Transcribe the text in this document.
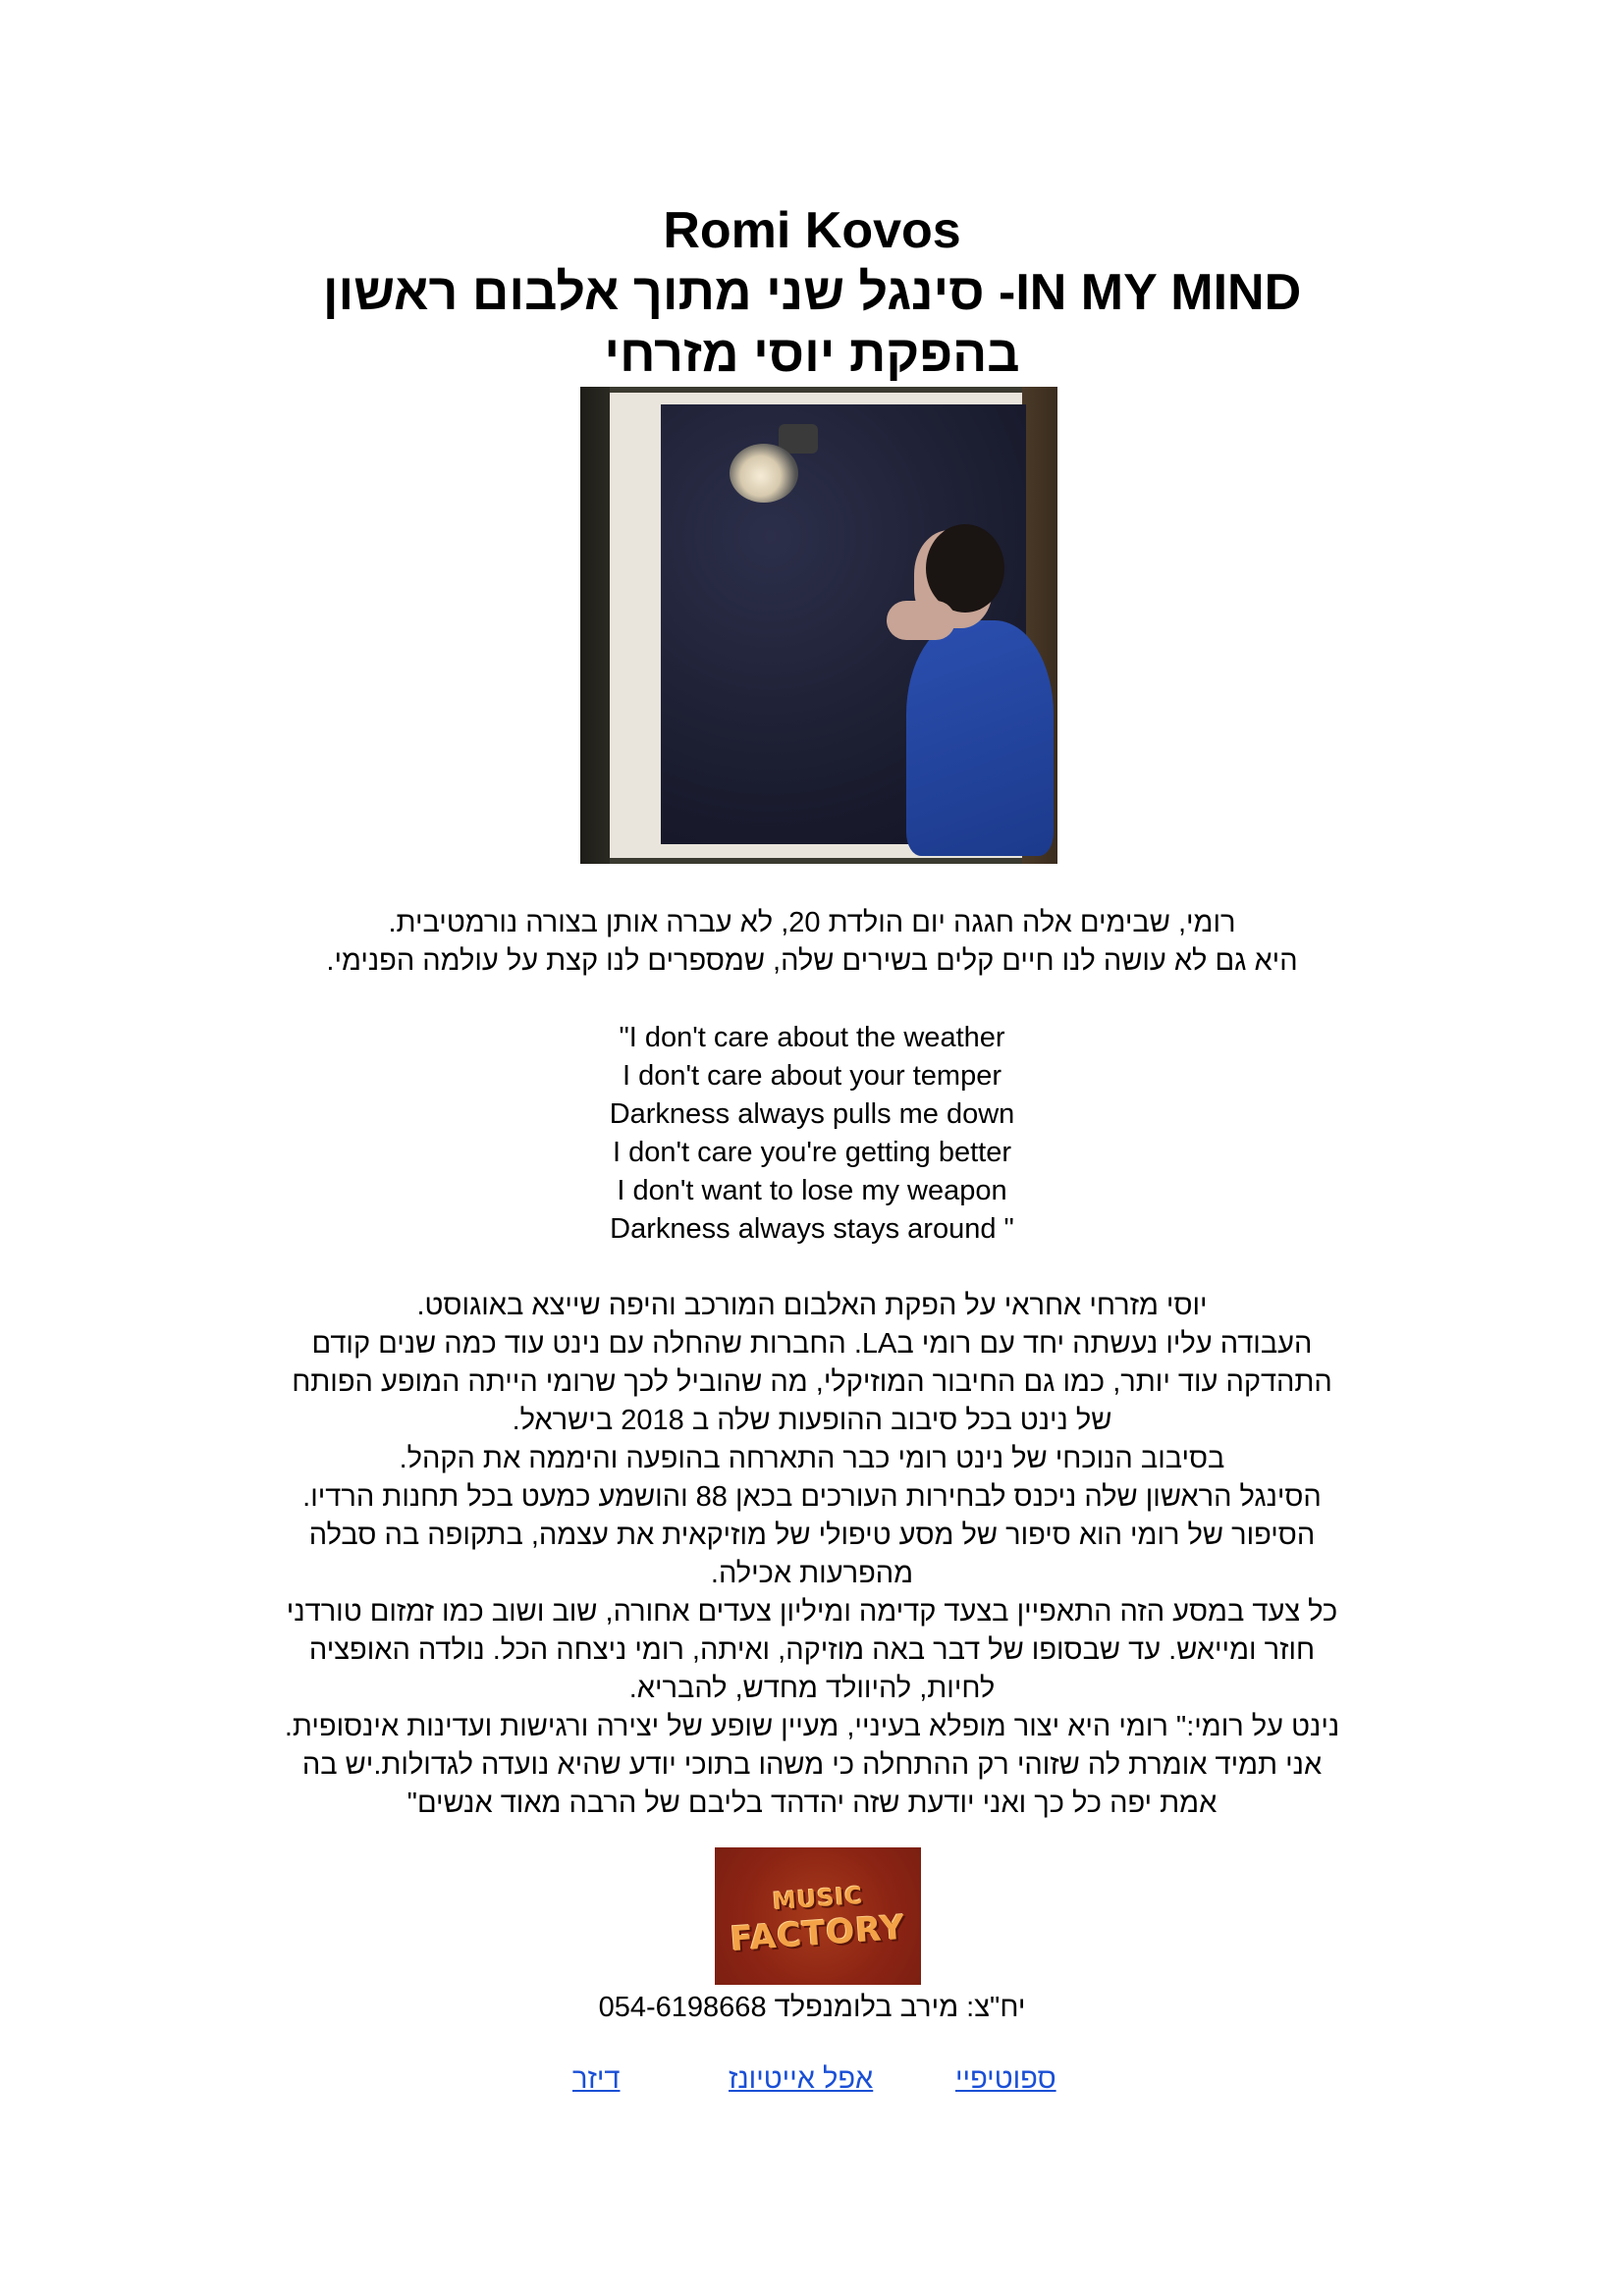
Romi Kovos
IN MY MIND- סינגל שני מתוך אלבום ראשון
בהפקת יוסי מזרחי

רומי, שבימים אלה חגגה יום הולדת 20, לא עברה אותן בצורה נורמטיבית.
היא גם לא עושה לנו חיים קלים בשירים שלה, שמספרים לנו קצת על עולמה הפנימי.

"I don't care about the weather
I don't care about your temper
Darkness always pulls me down
I don't care you're getting better
I don't want to lose my weapon
Darkness always stays around "

יוסי מזרחי אחראי על הפקת האלבום המורכב והיפה שייצא באוגוסט.
העבודה עליו נעשתה יחד עם רומי בLA. החברות שהחלה עם נינט עוד כמה שנים קודם
התהדקה עוד יותר, כמו גם החיבור המוזיקלי, מה שהוביל לכך שרומי הייתה המופע הפותח
של נינט בכל סיבוב ההופעות שלה ב 2018 בישראל.
בסיבוב הנוכחי של נינט רומי כבר התארחה בהופעה והיממה את הקהל.
הסינגל הראשון שלה ניכנס לבחירות העורכים בכאן 88 והושמע כמעט בכל תחנות הרדיו.
הסיפור של רומי הוא סיפור של מסע טיפולי של מוזיקאית את עצמה, בתקופה בה סבלה
מהפרעות אכילה.
כל צעד במסע הזה התאפיין בצעד קדימה ומיליון צעדים אחורה, שוב ושוב כמו זמזום טורדני
חוזר ומייאש. עד שבסופו של דבר באה מוזיקה, ואיתה, רומי ניצחה הכל. נולדה האופציה
לחיות, להיוולד מחדש, להבריא.
נינט על רומי:" רומי היא יצור מופלא בעיניי, מעיין שופע של יצירה ורגישות ועדינות אינסופית.
אני תמיד אומרת לה שזוהי רק ההתחלה כי משהו בתוכי יודע שהיא נועדה לגדולות.יש בה
אמת יפה כל כך ואני יודעת שזה יהדהד בליבם של הרבה מאוד אנשים"

MUSIC
FACTORY

יח"צ: מירב בלומנפלד 054-6198668

ספוטיפיי
אפל אייטיונז
דיזר
